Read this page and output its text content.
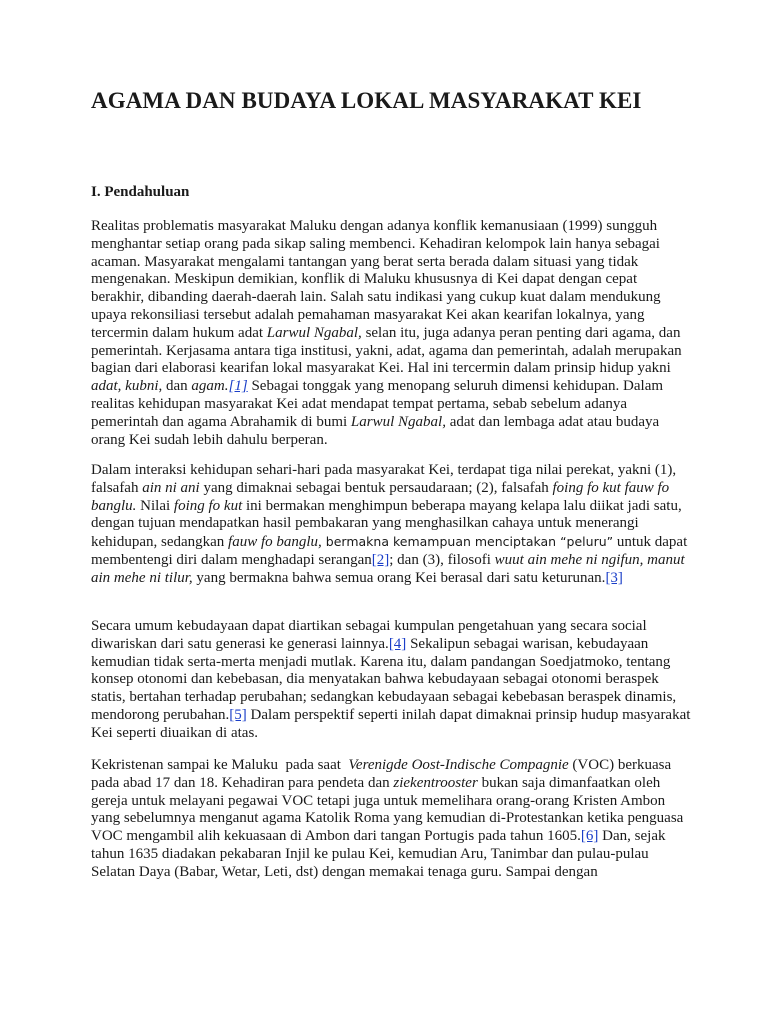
AGAMA DAN BUDAYA LOKAL MASYARAKAT KEI
I. Pendahuluan

Realitas problematis masyarakat Maluku dengan adanya konflik kemanusiaan (1999) sungguh menghantar setiap orang pada sikap saling membenci. Kehadiran kelompok lain hanya sebagai acaman. Masyarakat mengalami tantangan yang berat serta berada dalam situasi yang tidak mengenakan. Meskipun demikian, konflik di Maluku khususnya di Kei dapat dengan cepat berakhir, dibanding daerah-daerah lain. Salah satu indikasi yang cukup kuat dalam mendukung upaya rekonsiliasi tersebut adalah pemahaman masyarakat Kei akan kearifan lokalnya, yang tercermin dalam hukum adat Larwul Ngabal, selan itu, juga adanya peran penting dari agama, dan pemerintah. Kerjasama antara tiga institusi, yakni, adat, agama dan pemerintah, adalah merupakan bagian dari elaborasi kearifan lokal masyarakat Kei. Hal ini tercermin dalam prinsip hidup yakni adat, kubni, dan agam.[1] Sebagai tonggak yang menopang seluruh dimensi kehidupan. Dalam realitas kehidupan masyarakat Kei adat mendapat tempat pertama, sebab sebelum adanya pemerintah dan agama Abrahamik di bumi Larwul Ngabal, adat dan lembaga adat atau budaya orang Kei sudah lebih dahulu berperan.

Dalam interaksi kehidupan sehari-hari pada masyarakat Kei, terdapat tiga nilai perekat, yakni (1), falsafah ain ni ani yang dimaknai sebagai bentuk persaudaraan; (2), falsafah foing fo kut fauw fo banglu. Nilai foing fo kut ini bermakan menghimpun beberapa mayang kelapa lalu diikat jadi satu, dengan tujuan mendapatkan hasil pembakaran yang menghasilkan cahaya untuk menerangi kehidupan, sedangkan fauw fo banglu, bermakna kemampuan menciptakan “peluru” untuk dapat membentengi diri dalam menghadapi serangan[2]; dan (3), filosofi wuut ain mehe ni ngifun, manut ain mehe ni tilur, yang bermakna bahwa semua orang Kei berasal dari satu keturunan.[3]

Secara umum kebudayaan dapat diartikan sebagai kumpulan pengetahuan yang secara social diwariskan dari satu generasi ke generasi lainnya.[4] Sekalipun sebagai warisan, kebudayaan kemudian tidak serta-merta menjadi mutlak. Karena itu, dalam pandangan Soedjatmoko, tentang konsep otonomi dan kebebasan, dia menyatakan bahwa kebudayaan sebagai otonomi beraspek statis, bertahan terhadap perubahan; sedangkan kebudayaan sebagai kebebasan beraspek dinamis, mendorong perubahan.[5] Dalam perspektif seperti inilah dapat dimaknai prinsip hudup masyarakat Kei seperti diuaikan di atas.

Kekristenan sampai ke Maluku  pada saat  Verenigde Oost-Indische Compagnie (VOC) berkuasa pada abad 17 dan 18. Kehadiran para pendeta dan ziekentrooster bukan saja dimanfaatkan oleh gereja untuk melayani pegawai VOC tetapi juga untuk memelihara orang-orang Kristen Ambon yang sebelumnya menganut agama Katolik Roma yang kemudian di-Protestankan ketika penguasa VOC mengambil alih kekuasaan di Ambon dari tangan Portugis pada tahun 1605.[6] Dan, sejak tahun 1635 diadakan pekabaran Injil ke pulau Kei, kemudian Aru, Tanimbar dan pulau-pulau Selatan Daya (Babar, Wetar, Leti, dst) dengan memakai tenaga guru. Sampai dengan
